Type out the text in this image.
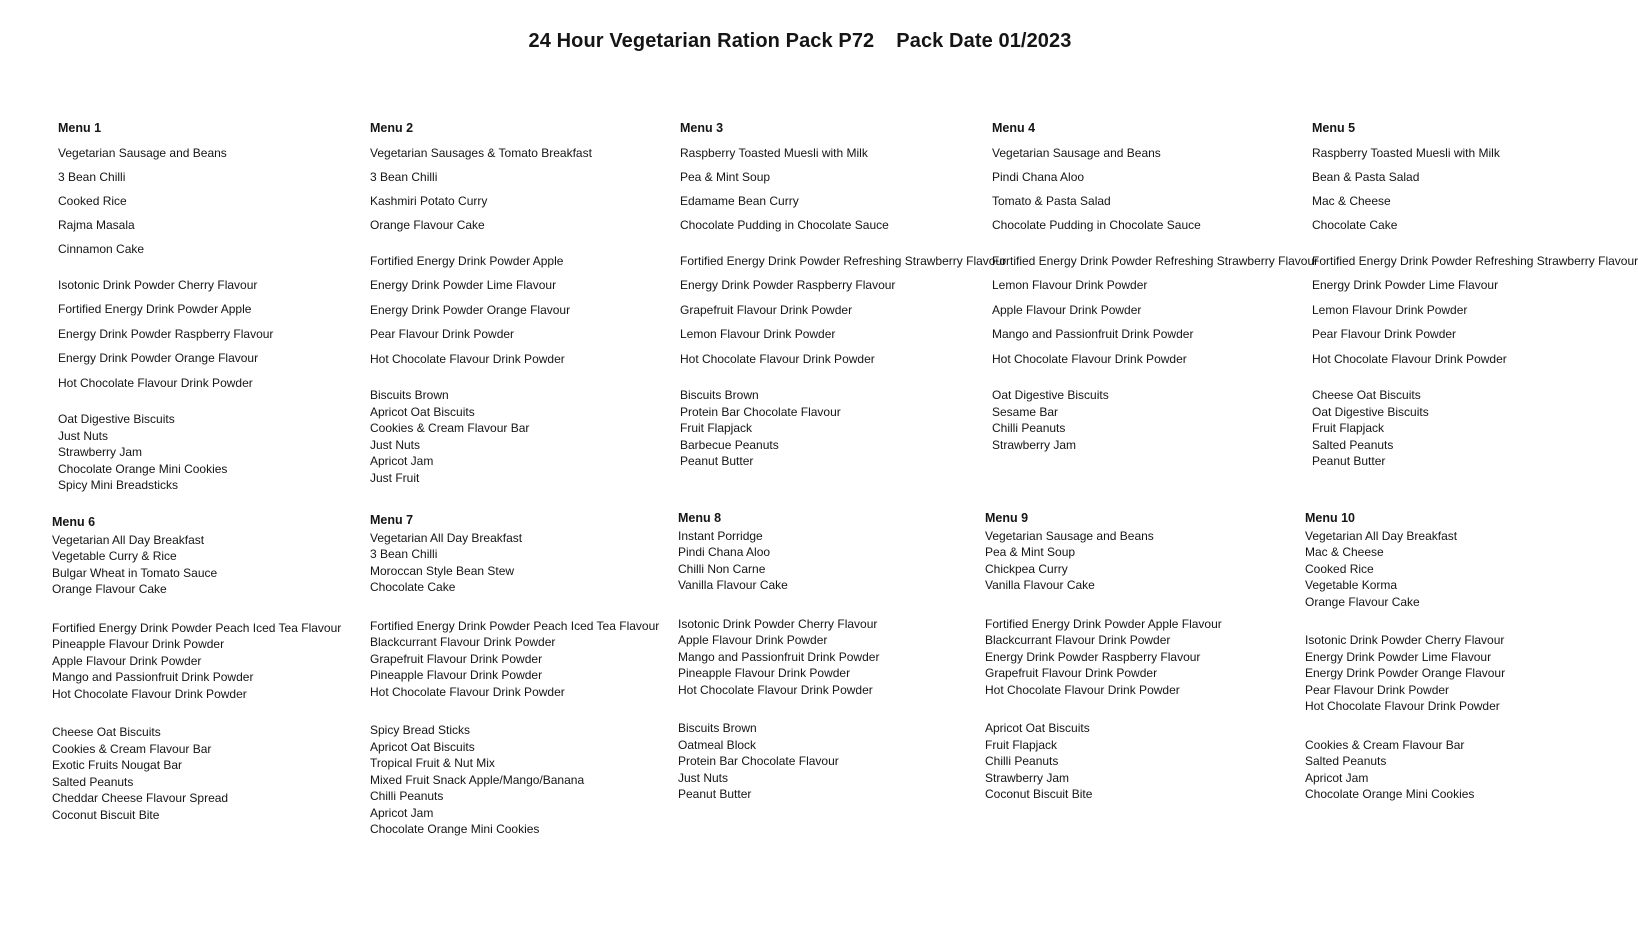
24 Hour Vegetarian Ration Pack P72 Pack Date 01/2023
Menu 1
Vegetarian Sausage and Beans
3 Bean Chilli
Cooked Rice
Rajma Masala
Cinnamon Cake
Isotonic Drink Powder Cherry Flavour
Fortified Energy Drink Powder Apple
Energy Drink Powder Raspberry Flavour
Energy Drink Powder Orange Flavour
Hot Chocolate Flavour Drink Powder
Oat Digestive Biscuits
Just Nuts
Strawberry Jam
Chocolate Orange Mini Cookies
Spicy Mini Breadsticks
Menu 2
Vegetarian Sausages & Tomato Breakfast
3 Bean Chilli
Kashmiri Potato Curry
Orange Flavour Cake
Fortified Energy Drink Powder Apple
Energy Drink Powder Lime Flavour
Energy Drink Powder Orange Flavour
Pear Flavour Drink Powder
Hot Chocolate Flavour Drink Powder
Biscuits Brown
Apricot Oat Biscuits
Cookies & Cream Flavour Bar
Just Nuts
Apricot Jam
Just Fruit
Menu 3
Raspberry Toasted Muesli with Milk
Pea & Mint Soup
Edamame Bean Curry
Chocolate Pudding in Chocolate Sauce
Fortified Energy Drink Powder Refreshing Strawberry Flavour
Energy Drink Powder Raspberry Flavour
Grapefruit Flavour Drink Powder
Lemon Flavour Drink Powder
Hot Chocolate Flavour Drink Powder
Biscuits Brown
Protein Bar Chocolate Flavour
Fruit Flapjack
Barbecue Peanuts
Peanut Butter
Menu 4
Vegetarian Sausage and Beans
Pindi Chana Aloo
Tomato & Pasta Salad
Chocolate Pudding in Chocolate Sauce
Fortified Energy Drink Powder Refreshing Strawberry Flavour
Lemon Flavour Drink Powder
Apple Flavour Drink Powder
Mango and Passionfruit Drink Powder
Hot Chocolate Flavour Drink Powder
Oat Digestive Biscuits
Sesame Bar
Chilli Peanuts
Strawberry Jam
Menu 5
Raspberry Toasted Muesli with Milk
Bean & Pasta Salad
Mac & Cheese
Chocolate Cake
Fortified Energy Drink Powder Refreshing Strawberry Flavour
Energy Drink Powder Lime Flavour
Lemon Flavour Drink Powder
Pear Flavour Drink Powder
Hot Chocolate Flavour Drink Powder
Cheese Oat Biscuits
Oat Digestive Biscuits
Fruit Flapjack
Salted Peanuts
Peanut Butter
Menu 6
Vegetarian All Day Breakfast
Vegetable Curry & Rice
Bulgar Wheat in Tomato Sauce
Orange Flavour Cake
Fortified Energy Drink Powder Peach Iced Tea Flavour
Pineapple Flavour Drink Powder
Apple Flavour Drink Powder
Mango and Passionfruit Drink Powder
Hot Chocolate Flavour Drink Powder
Cheese Oat Biscuits
Cookies & Cream Flavour Bar
Exotic Fruits Nougat Bar
Salted Peanuts
Cheddar Cheese Flavour Spread
Coconut Biscuit Bite
Menu 7
Vegetarian All Day Breakfast
3 Bean Chilli
Moroccan Style Bean Stew
Chocolate Cake
Fortified Energy Drink Powder Peach Iced Tea Flavour
Blackcurrant Flavour Drink Powder
Grapefruit Flavour Drink Powder
Pineapple Flavour Drink Powder
Hot Chocolate Flavour Drink Powder
Spicy Bread Sticks
Apricot Oat Biscuits
Tropical Fruit & Nut Mix
Mixed Fruit Snack Apple/Mango/Banana
Chilli Peanuts
Apricot Jam
Chocolate Orange Mini Cookies
Menu 8
Instant Porridge
Pindi Chana Aloo
Chilli Non Carne
Vanilla Flavour Cake
Isotonic Drink Powder Cherry Flavour
Apple Flavour Drink Powder
Mango and Passionfruit Drink Powder
Pineapple Flavour Drink Powder
Hot Chocolate Flavour Drink Powder
Biscuits Brown
Oatmeal Block
Protein Bar Chocolate Flavour
Just Nuts
Peanut Butter
Menu 9
Vegetarian Sausage and Beans
Pea & Mint Soup
Chickpea Curry
Vanilla Flavour Cake
Fortified Energy Drink Powder Apple Flavour
Blackcurrant Flavour Drink Powder
Energy Drink Powder Raspberry Flavour
Grapefruit Flavour Drink Powder
Hot Chocolate Flavour Drink Powder
Apricot Oat Biscuits
Fruit Flapjack
Chilli Peanuts
Strawberry Jam
Coconut Biscuit Bite
Menu 10
Vegetarian All Day Breakfast
Mac & Cheese
Cooked Rice
Vegetable Korma
Orange Flavour Cake
Isotonic Drink Powder Cherry Flavour
Energy Drink Powder Lime Flavour
Energy Drink Powder Orange Flavour
Pear Flavour Drink Powder
Hot Chocolate Flavour Drink Powder
Cookies & Cream Flavour Bar
Salted Peanuts
Apricot Jam
Chocolate Orange Mini Cookies
